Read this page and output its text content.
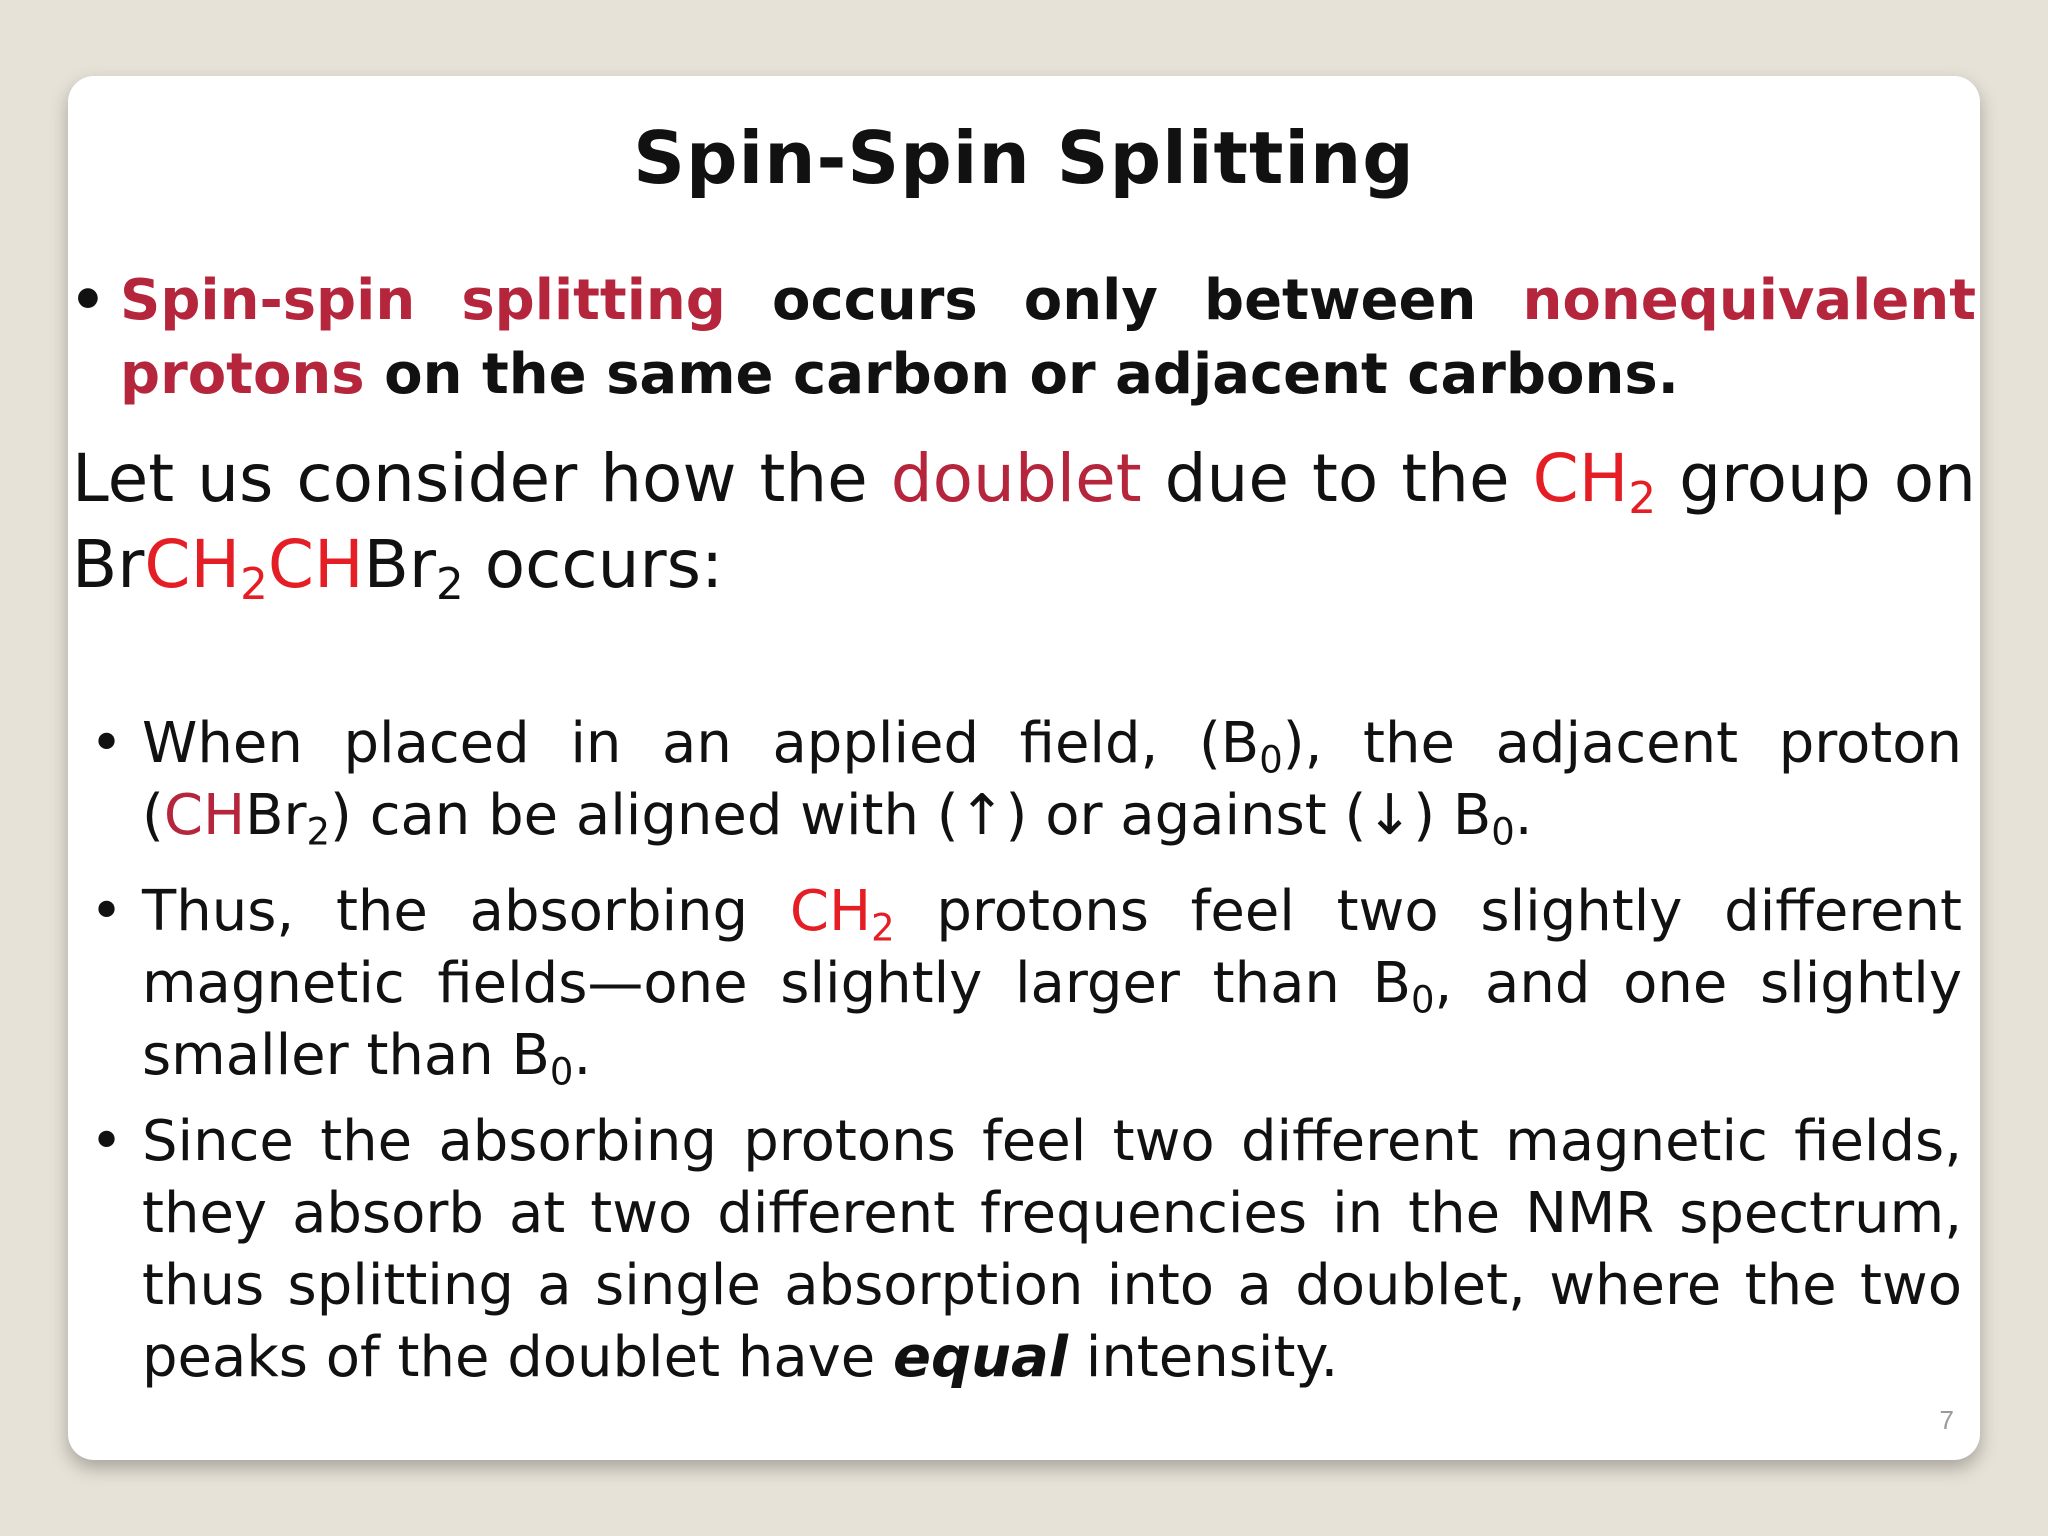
Spin-Spin Splitting
• Spin-spin splitting occurs only between nonequivalent protons on the same carbon or adjacent carbons.

Let us consider how the doublet due to the $CH_2$ group on BrCH$_2$CHBr$_2$ occurs:

• When placed in an applied field, $(B_0)$, the adjacent proton (CHBr$_2$) can be aligned with (↑) or against (↓) $B_0$.
• Thus, the absorbing $CH_2$ protons feel two slightly different magnetic fields—one slightly larger than $B_0$, and one slightly smaller than $B_0$.
• Since the absorbing protons feel two different magnetic fields, they absorb at two different frequencies in the NMR spectrum, thus splitting a single absorption into a doublet, where the two peaks of the doublet have equal intensity.
7
